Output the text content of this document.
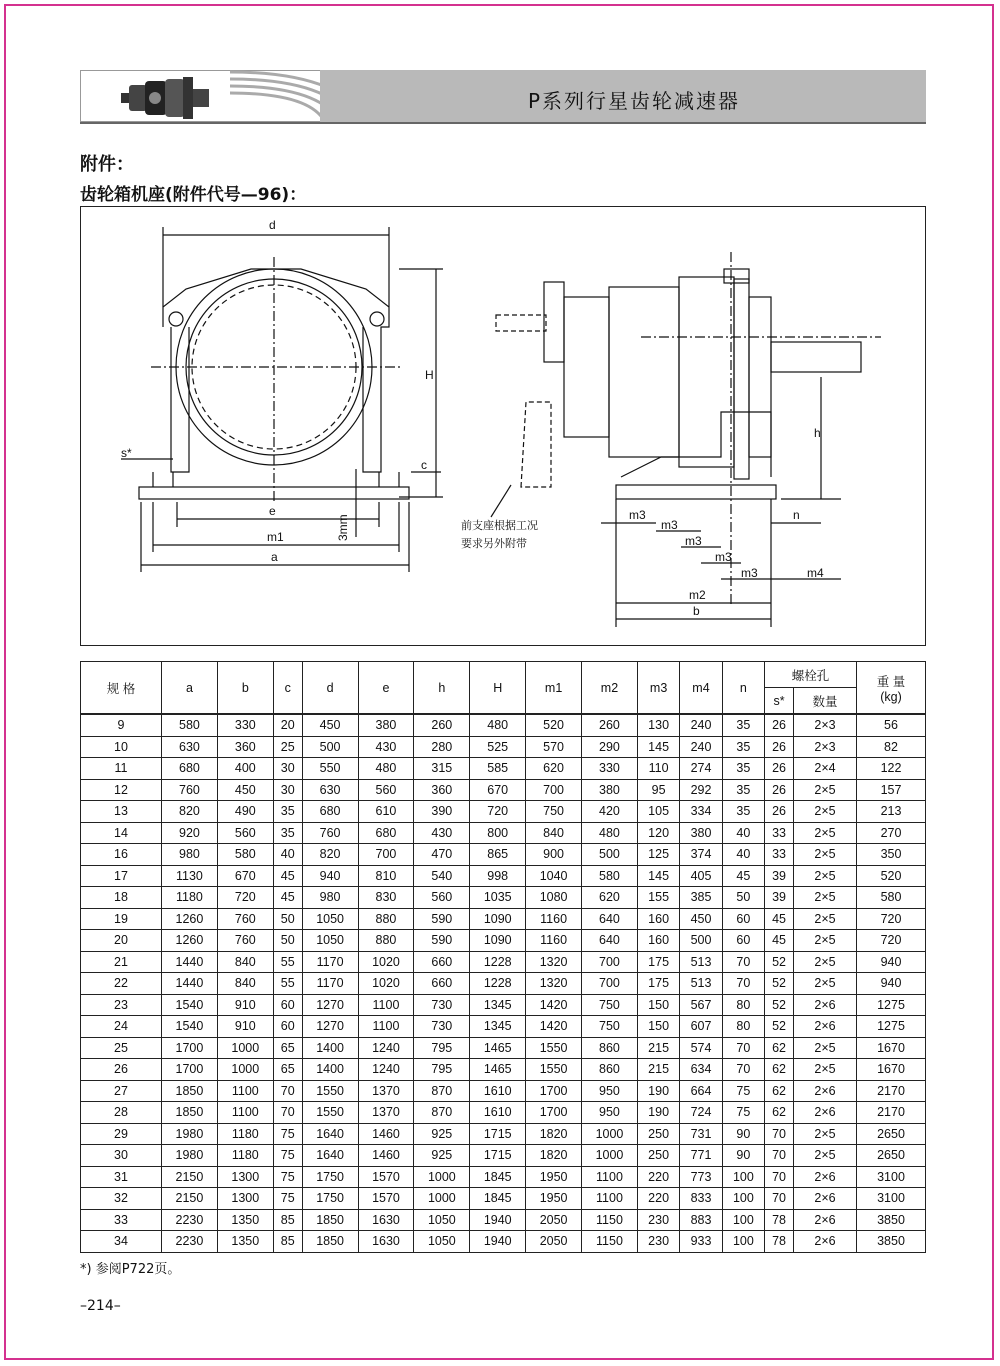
P系列行星齿轮减速器
附件：
齿轮箱机座(附件代号—96)：
d
H
s*
c
e
m1
a
3mm
h
n
m3
m3
m3
m3
m3	m4
m2
b
前支座根据工况
要求另外附带
规 格	a	b	c	d	e	h	H	m1	m2	m3	m4	n	螺栓孔		重 量
(kg)
													s*	数量	
9	580	330	20	450	380	260	480	520	260	130	240	35	26	2×3	56
10	630	360	25	500	430	280	525	570	290	145	240	35	26	2×3	82
11	680	400	30	550	480	315	585	620	330	110	274	35	26	2×4	122
12	760	450	30	630	560	360	670	700	380	95	292	35	26	2×5	157
13	820	490	35	680	610	390	720	750	420	105	334	35	26	2×5	213
14	920	560	35	760	680	430	800	840	480	120	380	40	33	2×5	270
16	980	580	40	820	700	470	865	900	500	125	374	40	33	2×5	350
17	1130	670	45	940	810	540	998	1040	580	145	405	45	39	2×5	520
18	1180	720	45	980	830	560	1035	1080	620	155	385	50	39	2×5	580
19	1260	760	50	1050	880	590	1090	1160	640	160	450	60	45	2×5	720
20	1260	760	50	1050	880	590	1090	1160	640	160	500	60	45	2×5	720
21	1440	840	55	1170	1020	660	1228	1320	700	175	513	70	52	2×5	940
22	1440	840	55	1170	1020	660	1228	1320	700	175	513	70	52	2×5	940
23	1540	910	60	1270	1100	730	1345	1420	750	150	567	80	52	2×6	1275
24	1540	910	60	1270	1100	730	1345	1420	750	150	607	80	52	2×6	1275
25	1700	1000	65	1400	1240	795	1465	1550	860	215	574	70	62	2×5	1670
26	1700	1000	65	1400	1240	795	1465	1550	860	215	634	70	62	2×5	1670
27	1850	1100	70	1550	1370	870	1610	1700	950	190	664	75	62	2×6	2170
28	1850	1100	70	1550	1370	870	1610	1700	950	190	724	75	62	2×6	2170
29	1980	1180	75	1640	1460	925	1715	1820	1000	250	731	90	70	2×5	2650
30	1980	1180	75	1640	1460	925	1715	1820	1000	250	771	90	70	2×5	2650
31	2150	1300	75	1750	1570	1000	1845	1950	1100	220	773	100	70	2×6	3100
32	2150	1300	75	1750	1570	1000	1845	1950	1100	220	833	100	70	2×6	3100
33	2230	1350	85	1850	1630	1050	1940	2050	1150	230	883	100	78	2×6	3850
34	2230	1350	85	1850	1630	1050	1940	2050	1150	230	933	100	78	2×6	3850
*) 参阅P722页。
–214–
